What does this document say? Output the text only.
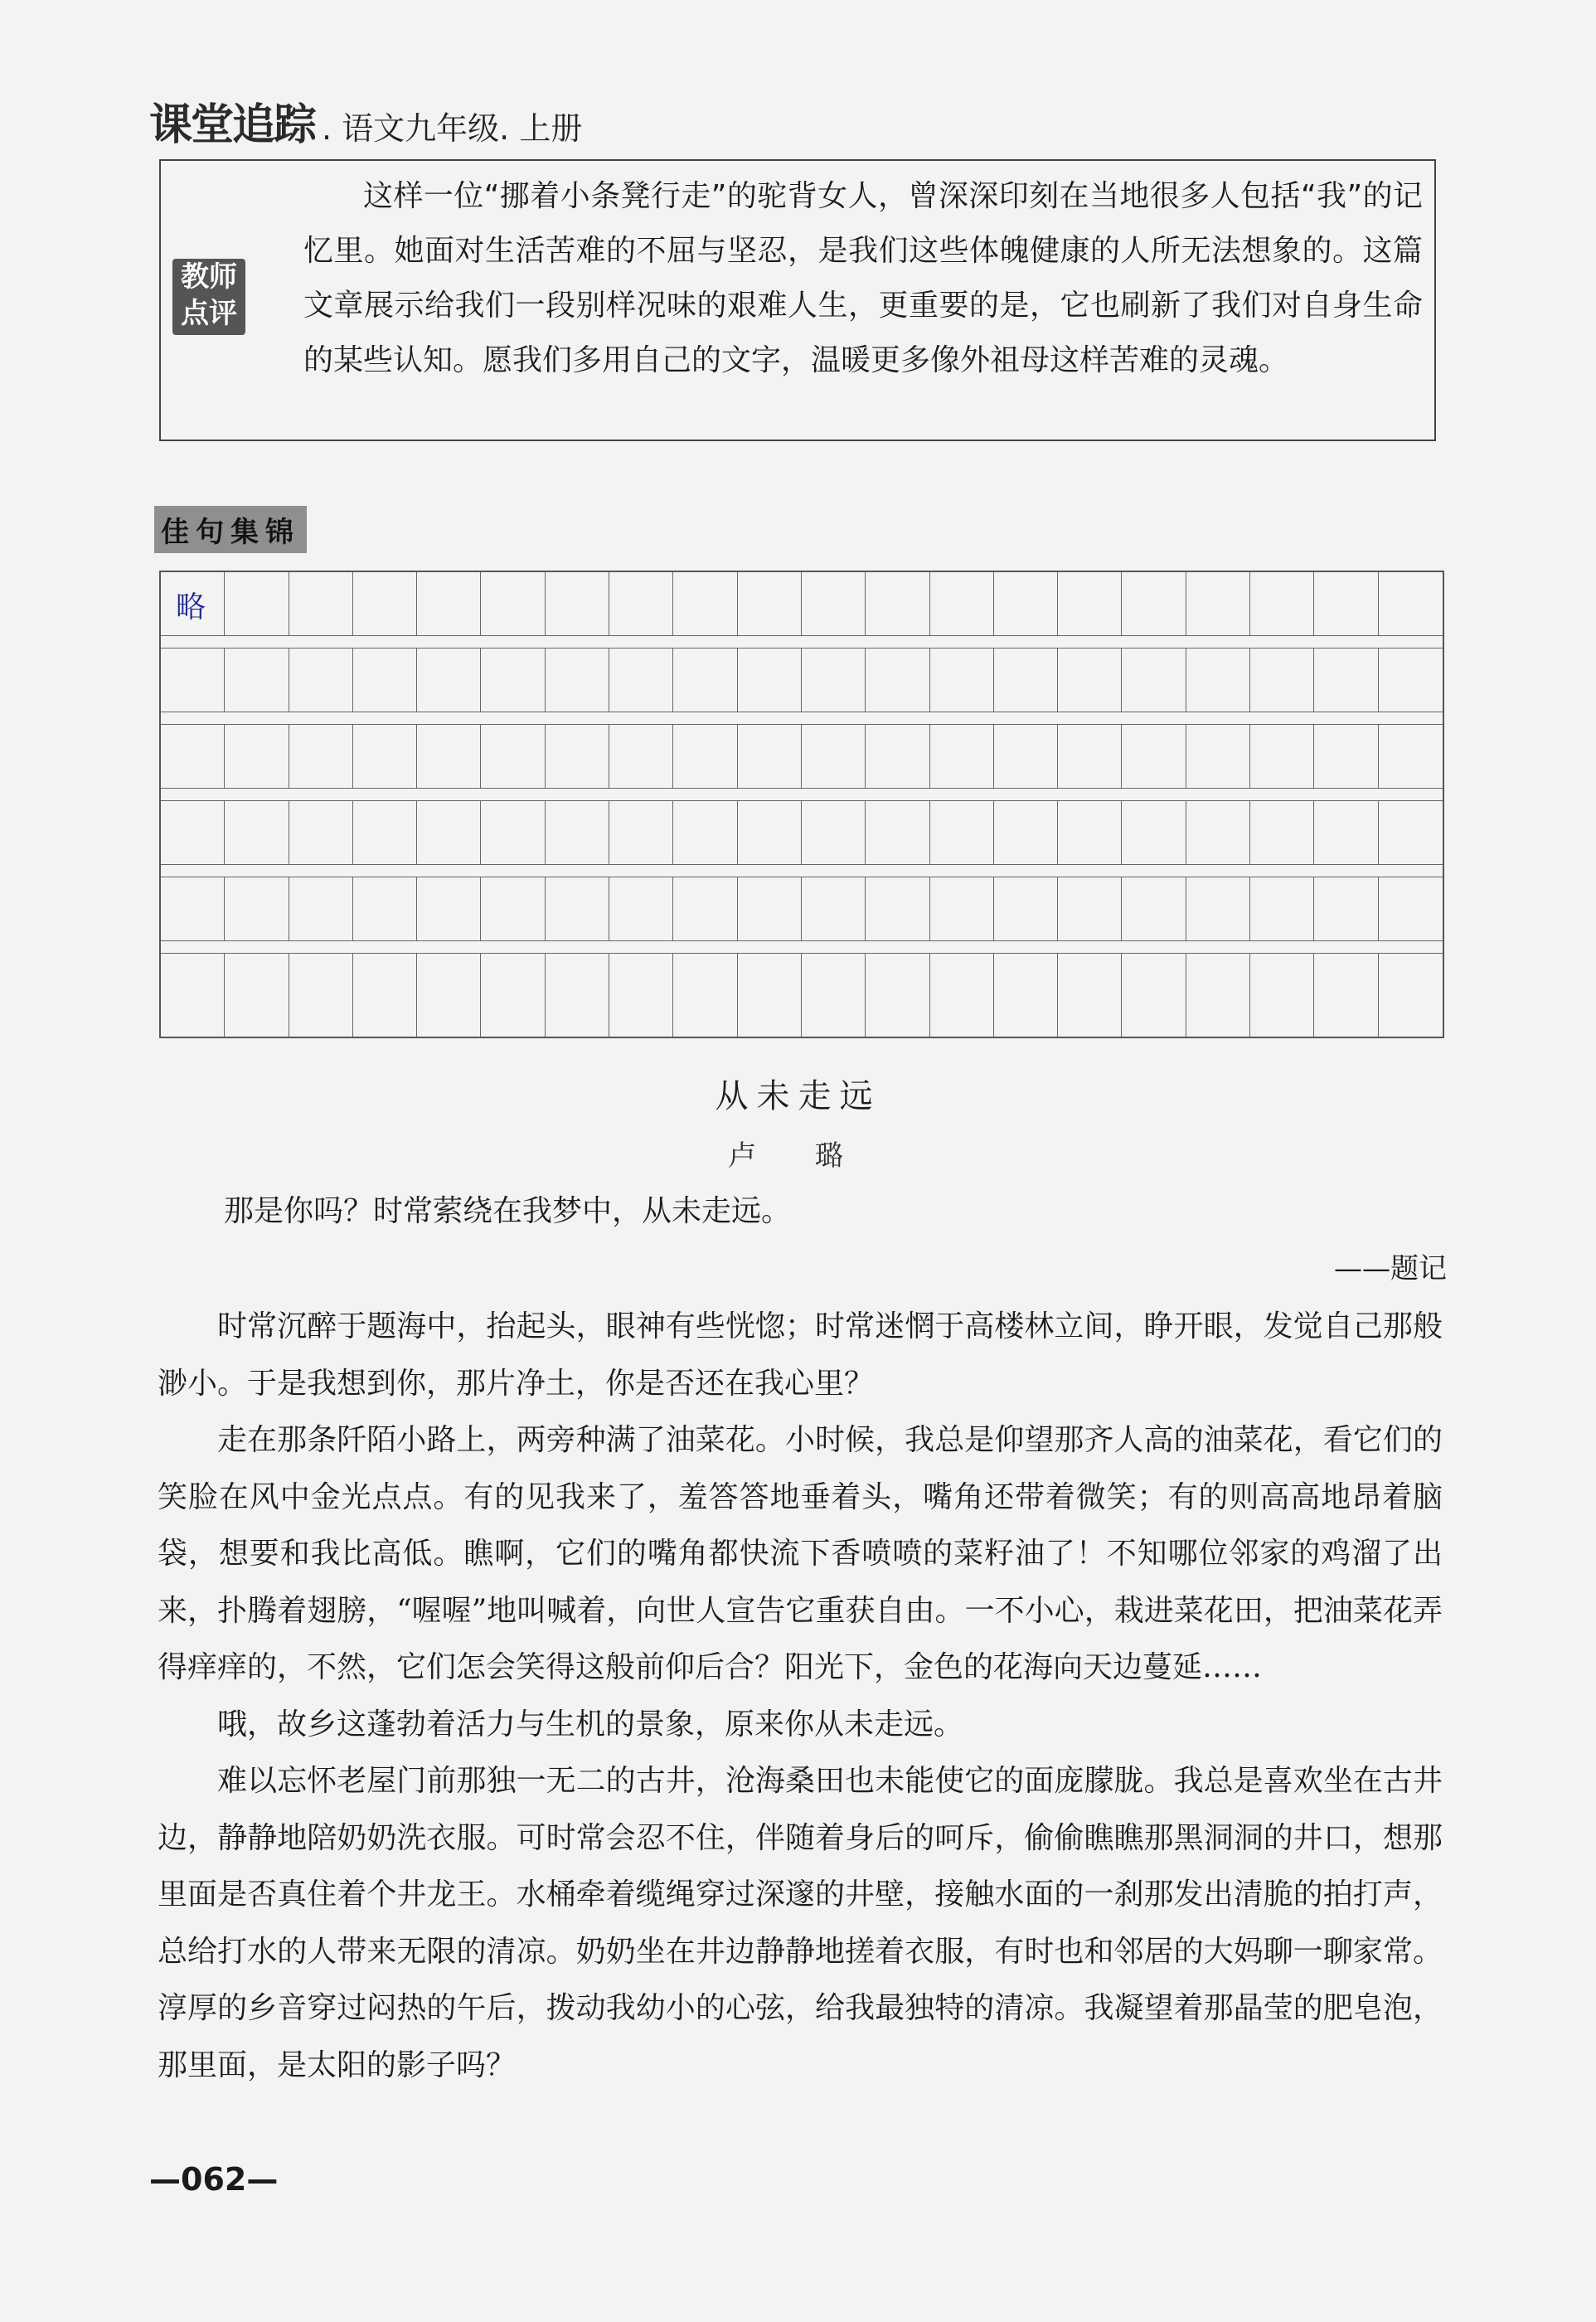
课堂追踪 . 语文九年级. 上册
教师
点评
这样一位“挪着小条凳行走”的驼背女人，曾深深印刻在当地很多人包括“我”的记忆里。她面对生活苦难的不屈与坚忍，是我们这些体魄健康的人所无法想象的。这篇文章展示给我们一段别样况味的艰难人生，更重要的是，它也刷新了我们对自身生命的某些认知。愿我们多用自己的文字，温暖更多像外祖母这样苦难的灵魂。
佳句集锦
略
从未走远
卢 璐
那是你吗？时常萦绕在我梦中，从未走远。
——题记

时常沉醉于题海中，抬起头，眼神有些恍惚；时常迷惘于高楼林立间，睁开眼，发觉自己那般渺小。于是我想到你，那片净土，你是否还在我心里？

走在那条阡陌小路上，两旁种满了油菜花。小时候，我总是仰望那齐人高的油菜花，看它们的笑脸在风中金光点点。有的见我来了，羞答答地垂着头，嘴角还带着微笑；有的则高高地昂着脑袋，想要和我比高低。瞧啊，它们的嘴角都快流下香喷喷的菜籽油了！不知哪位邻家的鸡溜了出来，扑腾着翅膀，“喔喔”地叫喊着，向世人宣告它重获自由。一不小心，栽进菜花田，把油菜花弄得痒痒的，不然，它们怎会笑得这般前仰后合？阳光下，金色的花海向天边蔓延……

哦，故乡这蓬勃着活力与生机的景象，原来你从未走远。

难以忘怀老屋门前那独一无二的古井，沧海桑田也未能使它的面庞朦胧。我总是喜欢坐在古井边，静静地陪奶奶洗衣服。可时常会忍不住，伴随着身后的呵斥，偷偷瞧瞧那黑洞洞的井口，想那里面是否真住着个井龙王。水桶牵着缆绳穿过深邃的井壁，接触水面的一刹那发出清脆的拍打声，总给打水的人带来无限的清凉。奶奶坐在井边静静地搓着衣服，有时也和邻居的大妈聊一聊家常。淳厚的乡音穿过闷热的午后，拨动我幼小的心弦，给我最独特的清凉。我凝望着那晶莹的肥皂泡，那里面，是太阳的影子吗？

—062—
